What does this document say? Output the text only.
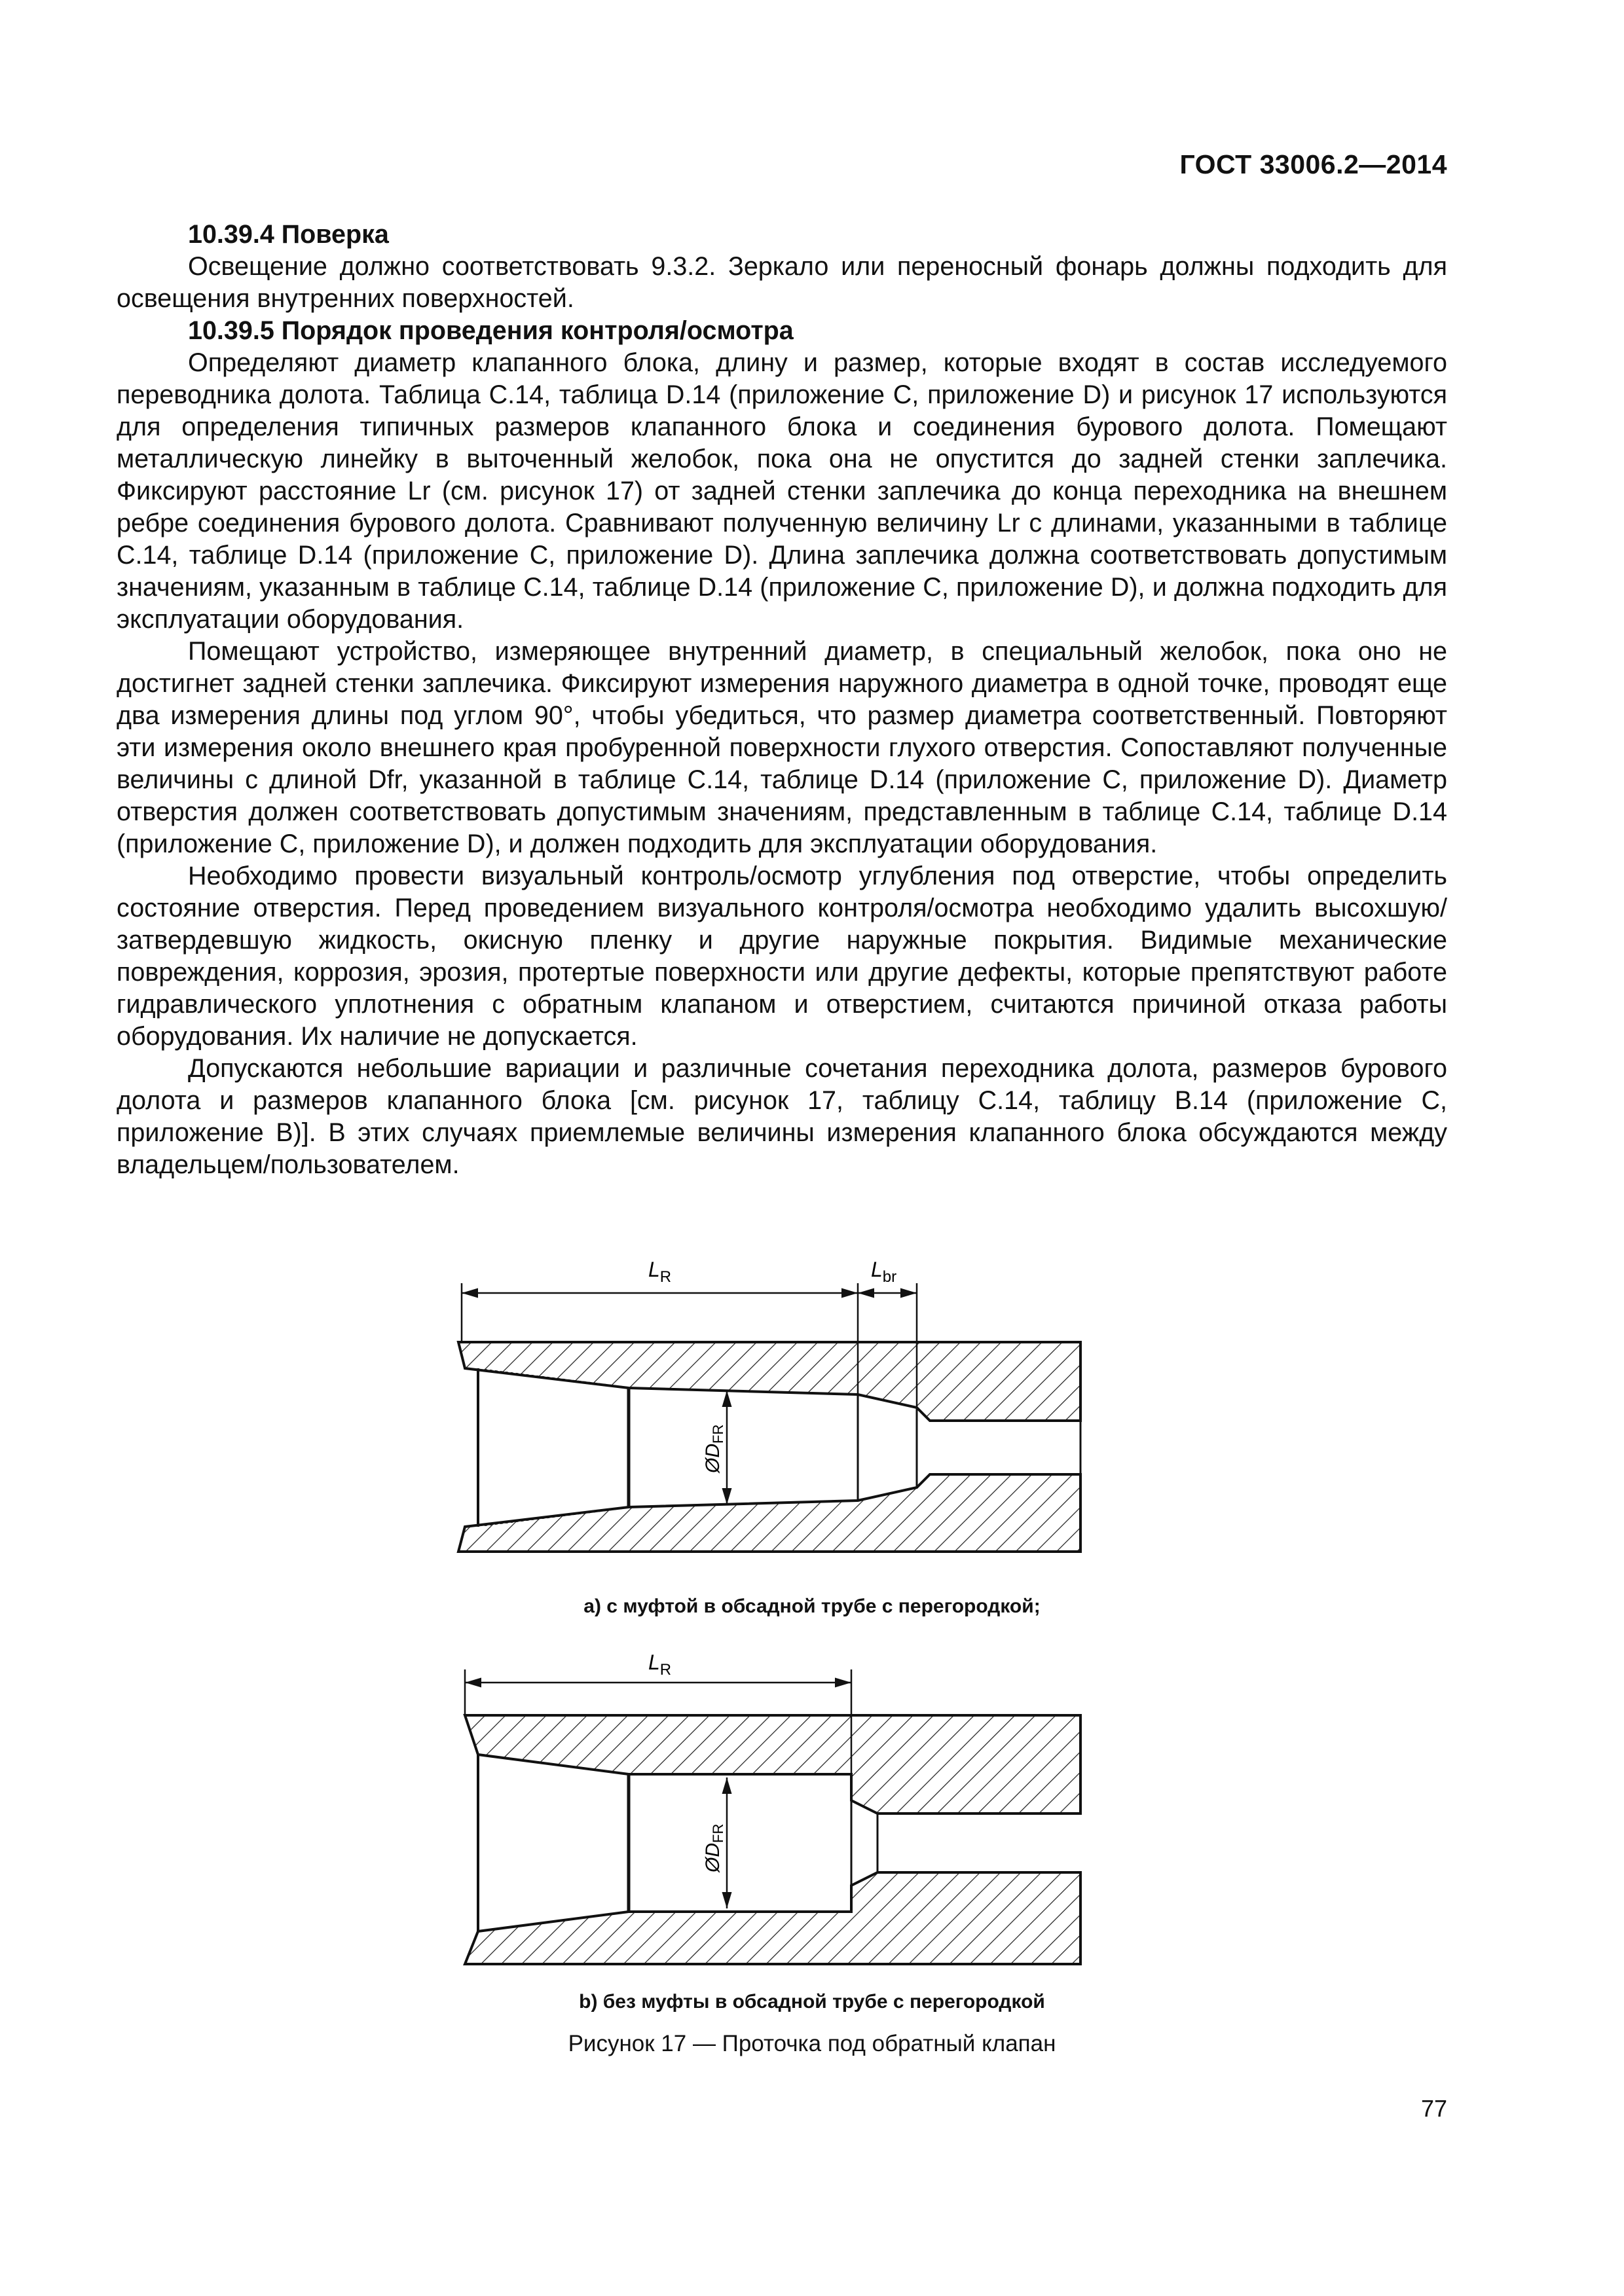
ГОСТ 33006.2—2014
10.39.4 Поверка

Освещение должно соответствовать 9.3.2. Зеркало или переносный фонарь должны подходить для освещения внутренних поверхностей.

10.39.5 Порядок проведения контроля/осмотра

Определяют диаметр клапанного блока, длину и размер, которые входят в состав исследуемого переводника долота. Таблица С.14, таблица D.14 (приложение С, приложение D) и рисунок 17 используются для определения типичных размеров клапанного блока и соединения бурового долота. Помещают металлическую линейку в выточенный желобок, пока она не опустится до задней стенки заплечика. Фиксируют расстояние Lr (см. рисунок 17) от задней стенки заплечика до конца переходника на внешнем ребре соединения бурового долота. Сравнивают полученную величину Lr с длинами, указанными в таблице С.14, таблице D.14 (приложение С, приложение D). Длина заплечика должна соответствовать допустимым значениям, указанным в таблице С.14, таблице D.14 (приложение С, приложение D), и должна подходить для эксплуатации оборудования.

Помещают устройство, измеряющее внутренний диаметр, в специальный желобок, пока оно не достигнет задней стенки заплечика. Фиксируют измерения наружного диаметра в одной точке, проводят еще два измерения длины под углом 90°, чтобы убедиться, что размер диаметра соответственный. Повторяют эти измерения около внешнего края пробуренной поверхности глухого отверстия. Сопоставляют полученные величины с длиной Dfr, указанной в таблице С.14, таблице D.14 (приложение С, приложение D). Диаметр отверстия должен соответствовать допустимым значениям, представленным в таблице С.14, таблице D.14 (приложение С, приложение D), и должен подходить для эксплуатации оборудования.

Необходимо провести визуальный контроль/осмотр углубления под отверстие, чтобы определить состояние отверстия. Перед проведением визуального контроля/осмотра необходимо удалить высохшую/затвердевшую жидкость, окисную пленку и другие наружные покрытия. Видимые механические повреждения, коррозия, эрозия, протертые поверхности или другие дефекты, которые препятствуют работе гидравлического уплотнения с обратным клапаном и отверстием, считаются причиной отказа работы оборудования. Их наличие не допускается.

Допускаются небольшие вариации и различные сочетания переходника долота, размеров бурового долота и размеров клапанного блока [см. рисунок 17, таблицу С.14, таблицу В.14 (приложение С, приложение В)]. В этих случаях приемлемые величины измерения клапанного блока обсуждаются между владельцем/пользователем.

$L_R$	$L_{br}$
$ØD_{FR}$
$L_R$
$ØD_{FR}$
а) с муфтой в обсадной трубе с перегородкой;
b) без муфты в обсадной трубе с перегородкой
Рисунок 17 — Проточка под обратный клапан
77
